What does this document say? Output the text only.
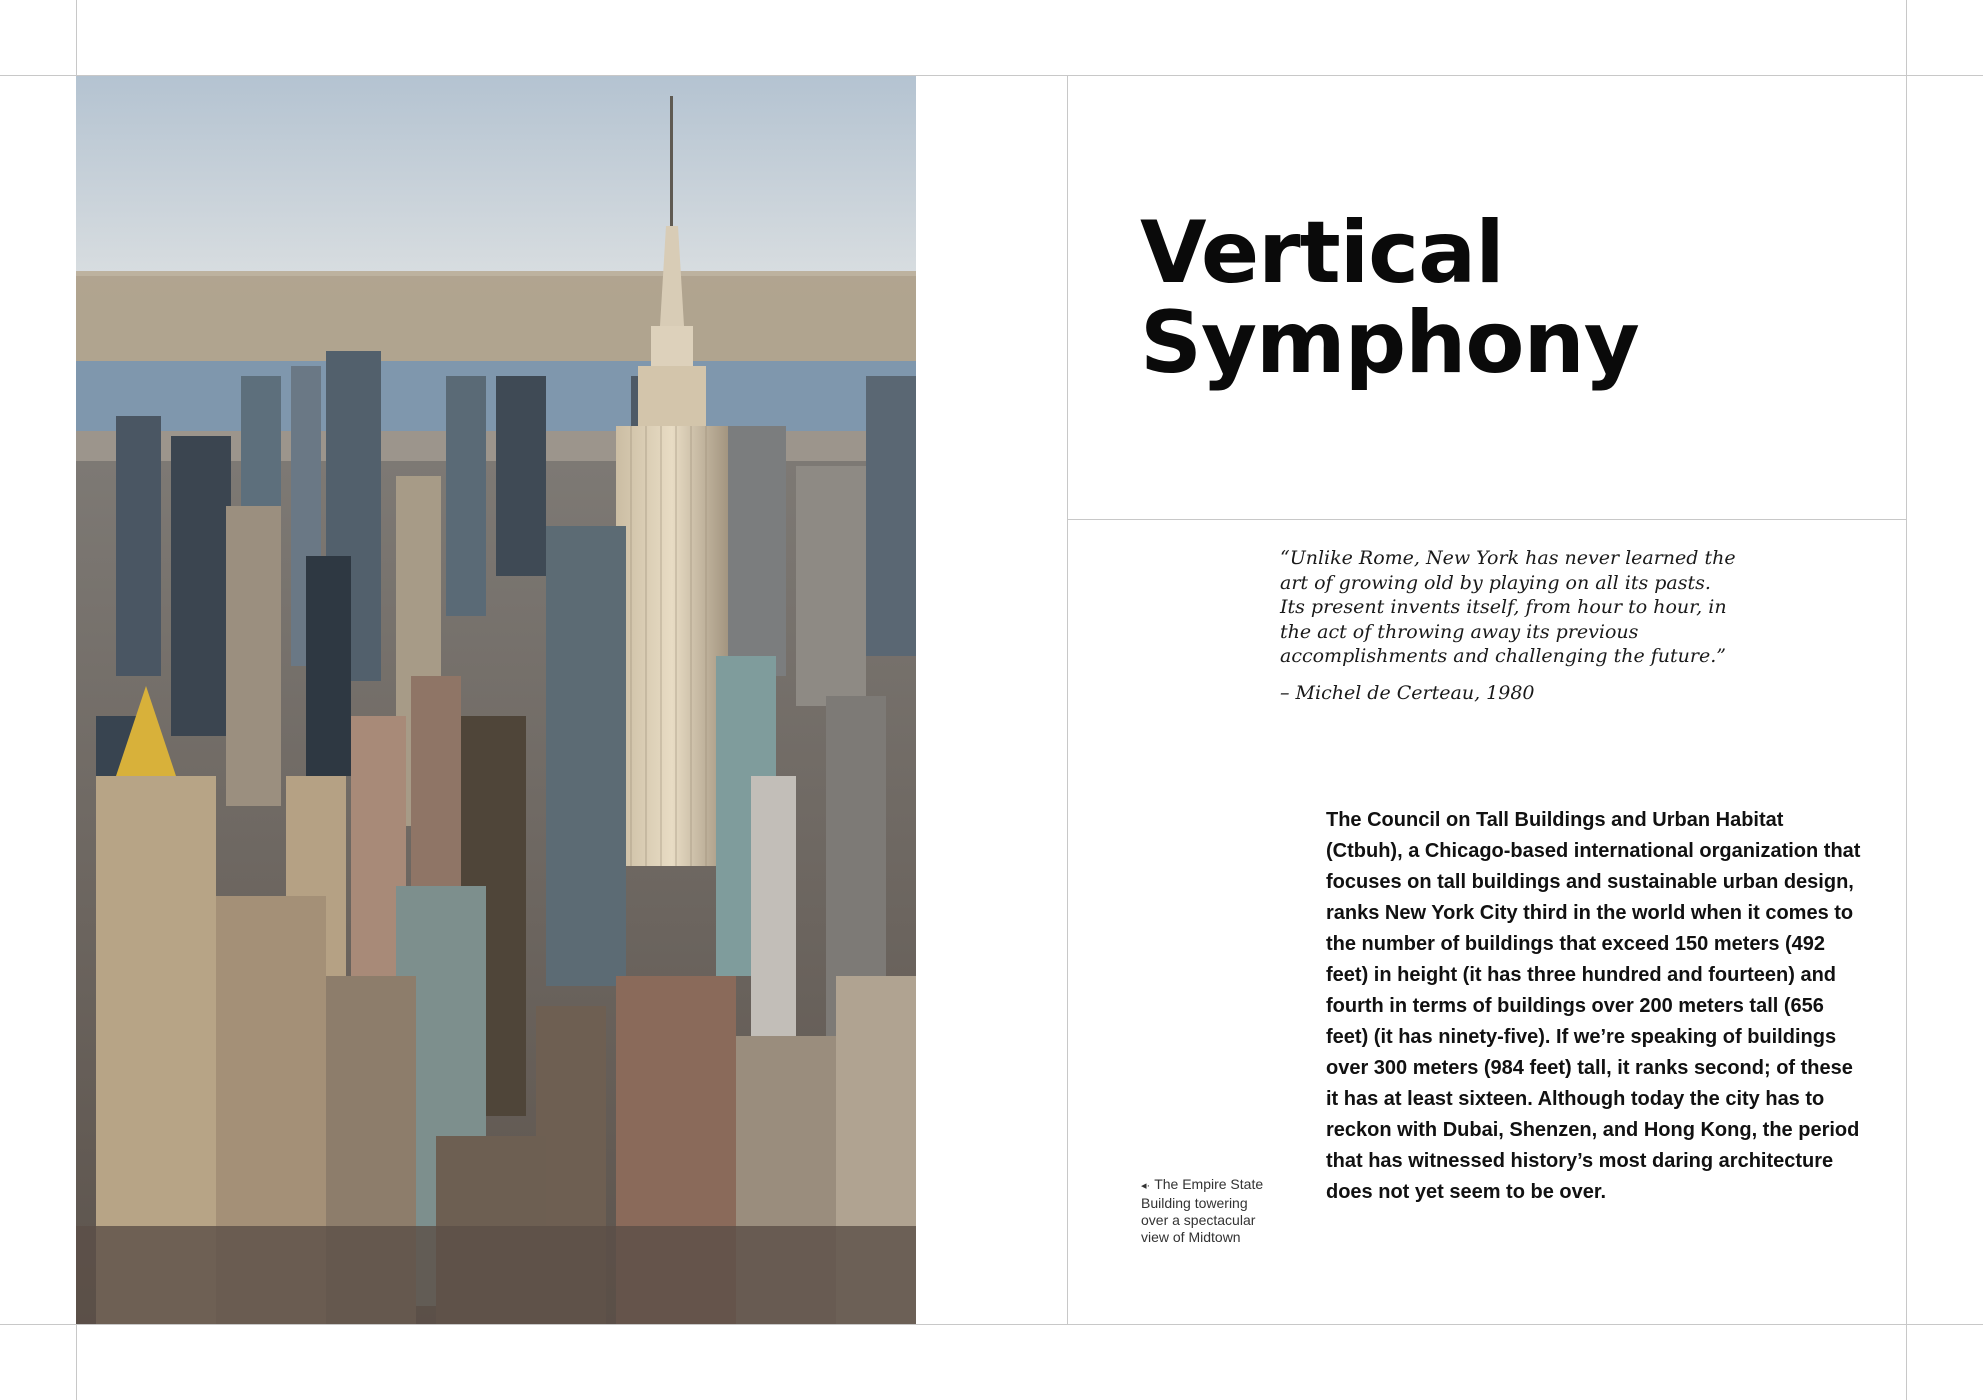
Vertical
Symphony

“Unlike Rome, New York has never learned the art of growing old by playing on all its pasts. Its present invents itself, from hour to hour, in the act of throwing away its previous accomplishments and challenging the future.”

– Michel de Certeau, 1980

◂· The Empire State Building towering over a spectacular view of Midtown

The Council on Tall Buildings and Urban Habitat (Ctbuh), a Chicago-based international organization that focuses on tall buildings and sustainable urban design, ranks New York City third in the world when it comes to the number of buildings that exceed 150 meters (492 feet) in height (it has three hundred and fourteen) and fourth in terms of buildings over 200 meters tall (656 feet) (it has ninety-five). If we’re speaking of buildings over 300 meters (984 feet) tall, it ranks second; of these it has at least sixteen. Although today the city has to reckon with Dubai, Shenzen, and Hong Kong, the period that has witnessed history’s most daring architecture does not yet seem to be over.
